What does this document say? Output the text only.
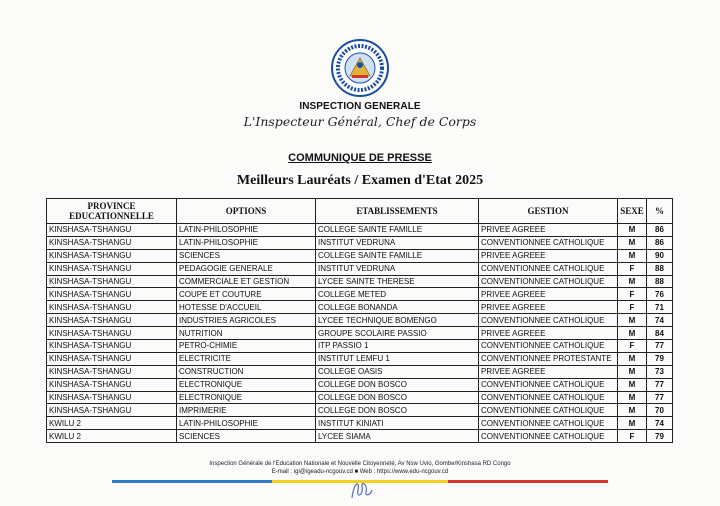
INSPECTION GENERALE
L'Inspecteur Général, Chef de Corps
COMMUNIQUE DE PRESSE
Meilleurs Lauréats / Examen d'Etat 2025
PROVINCE EDUCATIONNELLE	OPTIONS	ETABLISSEMENTS	GESTION	SEXE	%
KINSHASA-TSHANGU	LATIN-PHILOSOPHIE	COLLEGE SAINTE FAMILLE	PRIVEE AGREEE	M	86
KINSHASA-TSHANGU	LATIN-PHILOSOPHIE	INSTITUT VEDRUNA	CONVENTIONNEE CATHOLIQUE	M	86
KINSHASA-TSHANGU	SCIENCES	COLLEGE SAINTE FAMILLE	PRIVEE AGREEE	M	90
KINSHASA-TSHANGU	PEDAGOGIE GENERALE	INSTITUT VEDRUNA	CONVENTIONNEE CATHOLIQUE	F	88
KINSHASA-TSHANGU	COMMERCIALE ET GESTION	LYCEE SAINTE THERESE	CONVENTIONNEE CATHOLIQUE	M	88
KINSHASA-TSHANGU	COUPE ET COUTURE	COLLEGE METED	PRIVEE AGREEE	F	76
KINSHASA-TSHANGU	HOTESSE D'ACCUEIL	COLLEGE BONANDA	PRIVEE AGREEE	F	71
KINSHASA-TSHANGU	INDUSTRIES AGRICOLES	LYCEE TECHNIQUE BOMENGO	CONVENTIONNEE CATHOLIQUE	M	74
KINSHASA-TSHANGU	NUTRITION	GROUPE SCOLAIRE PASSIO	PRIVEE AGREEE	M	84
KINSHASA-TSHANGU	PETRO-CHIMIE	ITP PASSIO 1	CONVENTIONNEE CATHOLIQUE	F	77
KINSHASA-TSHANGU	ELECTRICITE	INSTITUT LEMFU 1	CONVENTIONNEE PROTESTANTE	M	79
KINSHASA-TSHANGU	CONSTRUCTION	COLLEGE OASIS	PRIVEE AGREEE	M	73
KINSHASA-TSHANGU	ELECTRONIQUE	COLLEGE DON BOSCO	CONVENTIONNEE CATHOLIQUE	M	77
KINSHASA-TSHANGU	ELECTRONIQUE	COLLEGE DON BOSCO	CONVENTIONNEE CATHOLIQUE	M	77
KINSHASA-TSHANGU	IMPRIMERIE	COLLEGE DON BOSCO	CONVENTIONNEE CATHOLIQUE	M	70
KWILU 2	LATIN-PHILOSOPHIE	INSTITUT KINIATI	CONVENTIONNEE CATHOLIQUE	M	74
KWILU 2	SCIENCES	LYCEE SIAMA	CONVENTIONNEE CATHOLIQUE	F	79
Inspection Générale de l'Education Nationale et Nouvelle Citoyenneté, Av Nsw Uvio, Gombe/Kinshasa RD Congo
E-mail : igi@igeadu-ncgouv.cd ■ Web : https://www.edu-ncgouv.cd
